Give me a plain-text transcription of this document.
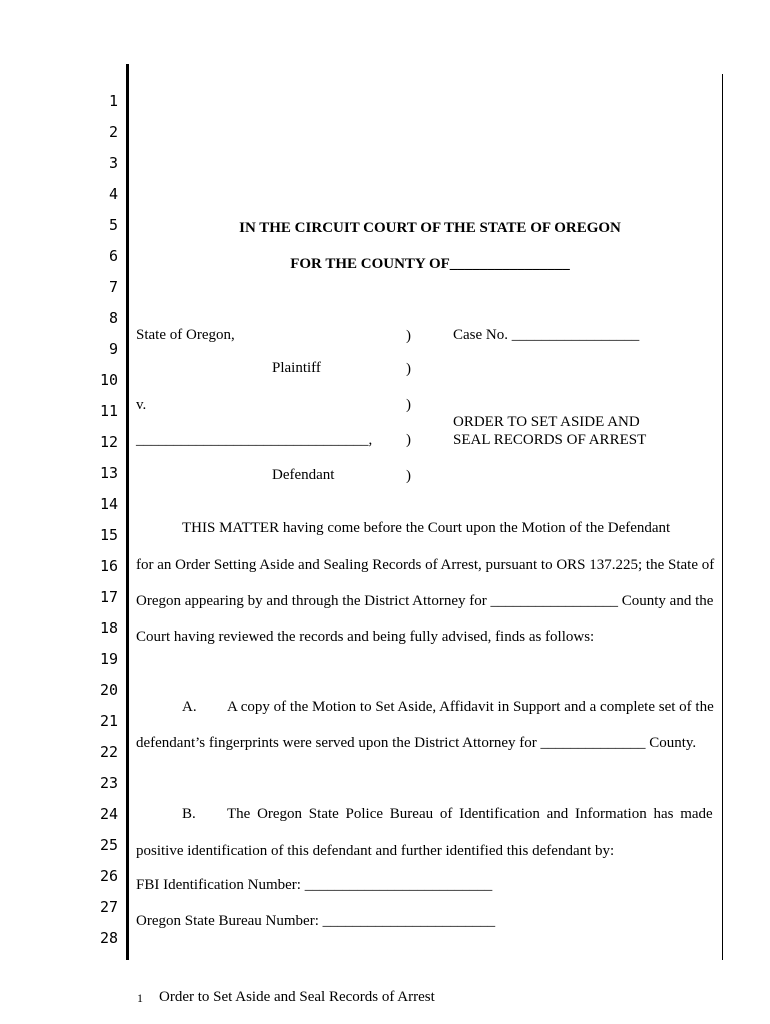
1
2
3
4
5
6
7
8
9
10
11
12
13
14
15
16
17
18
19
20
21
22
23
24
25
26
27
28
IN THE CIRCUIT COURT OF THE STATE OF OREGON
FOR THE COUNTY OF________________
State of Oregon,
Plaintiff
v.
_______________________________,
Defendant
)
)
)
)
)
Case No. _________________
ORDER TO SET ASIDE AND
SEAL RECORDS OF ARREST
THIS MATTER having come before the Court upon the Motion of the Defendant
for an Order Setting Aside and Sealing Records of Arrest, pursuant to ORS 137.225; the State of
Oregon appearing by and through the District Attorney for _________________ County and the
Court having reviewed the records and being fully advised, finds as follows:
A. A copy of the Motion to Set Aside, Affidavit in Support and a complete set of the
defendant’s fingerprints were served upon the District Attorney for ______________ County.
B. The Oregon State Police Bureau of Identification and Information has made
positive identification of this defendant and further identified this defendant by:
FBI Identification Number: _________________________
Oregon State Bureau Number: _______________________
1 Order to Set Aside and Seal Records of Arrest
